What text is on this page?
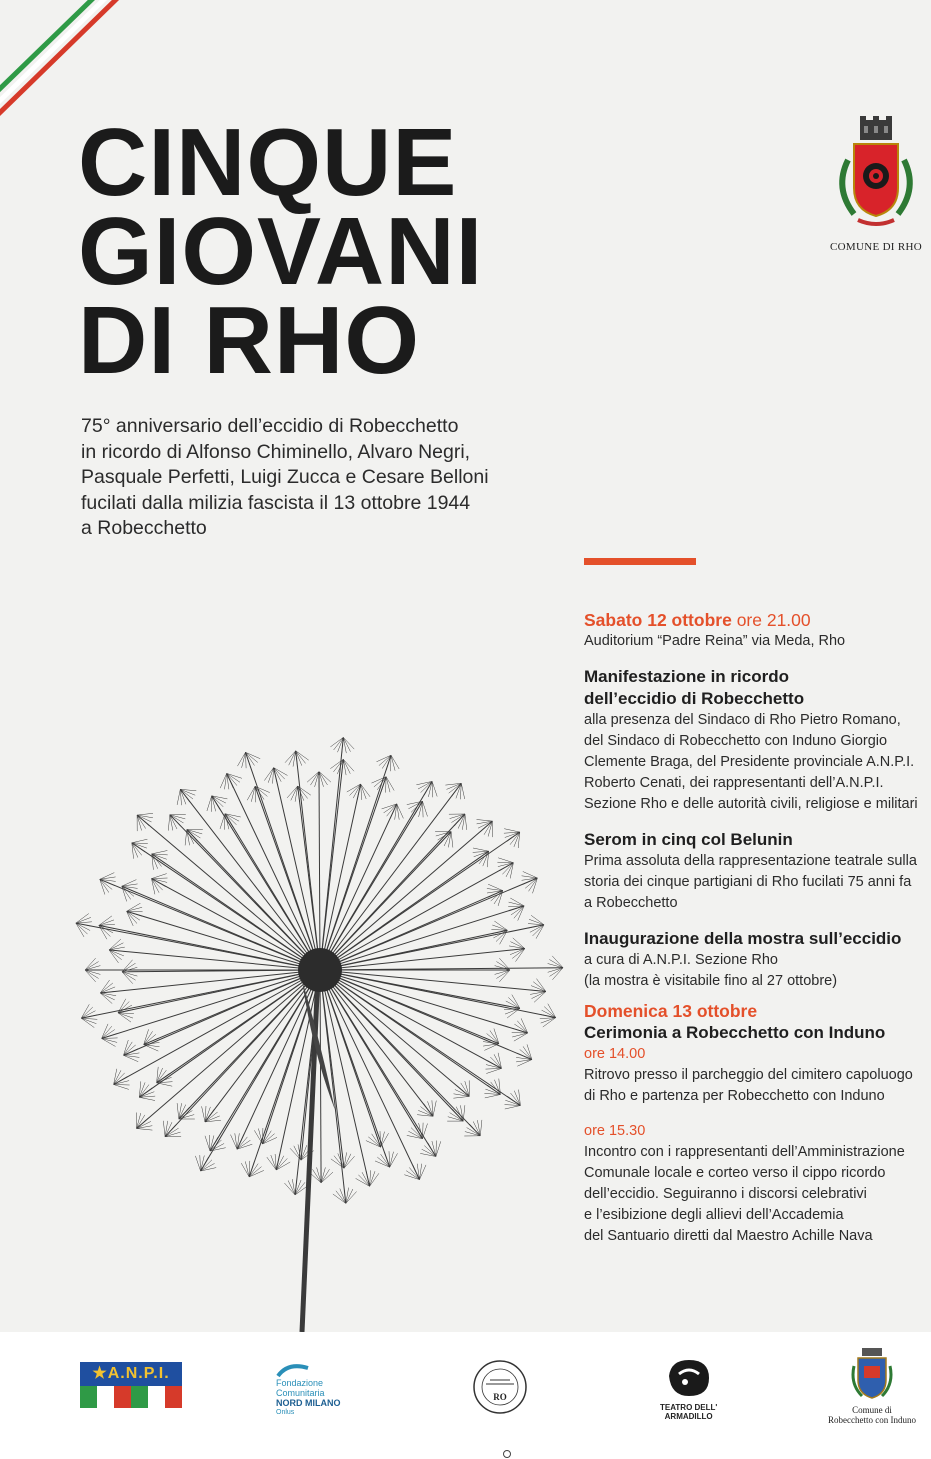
CINQUE
GIOVANI
DI RHO
75° anniversario dell’eccidio di Robecchetto
in ricordo di Alfonso Chiminello, Alvaro Negri,
Pasquale Perfetti, Luigi Zucca e Cesare Belloni
fucilati dalla milizia fascista il 13 ottobre 1944
a Robecchetto
COMUNE DI RHO
Sabato 12 ottobre ore 21.00
Auditorium “Padre Reina” via Meda, Rho
Manifestazione in ricordo
dell’eccidio di Robecchetto
alla presenza del Sindaco di Rho Pietro Romano,
del Sindaco di Robecchetto con Induno Giorgio
Clemente Braga, del Presidente provinciale A.N.P.I.
Roberto Cenati, dei rappresentanti dell’A.N.P.I.
Sezione Rho e delle autorità civili, religiose e militari
Serom in cinq col Belunin
Prima assoluta della rappresentazione teatrale sulla
storia dei cinque partigiani di Rho fucilati 75 anni fa
a Robecchetto
Inaugurazione della mostra sull’eccidio
a cura di A.N.P.I. Sezione Rho
(la mostra è visitabile fino al 27 ottobre)
Domenica 13 ottobre
Cerimonia a Robecchetto con Induno
ore 14.00
Ritrovo presso il parcheggio del cimitero capoluogo
di Rho e partenza per Robecchetto con Induno
ore 15.30
Incontro con i rappresentanti dell’Amministrazione
Comunale locale e corteo verso il cippo ricordo
dell’eccidio. Seguiranno i discorsi celebrativi
e l’esibizione degli allievi dell’Accademia
del Santuario diretti dal Maestro Achille Nava
★A.N.P.I.
Fondazione
Comunitaria
NORD MILANO
Onlus
RO
TEATRO DELL'
ARMADILLO
Comune di
Robecchetto con Induno
